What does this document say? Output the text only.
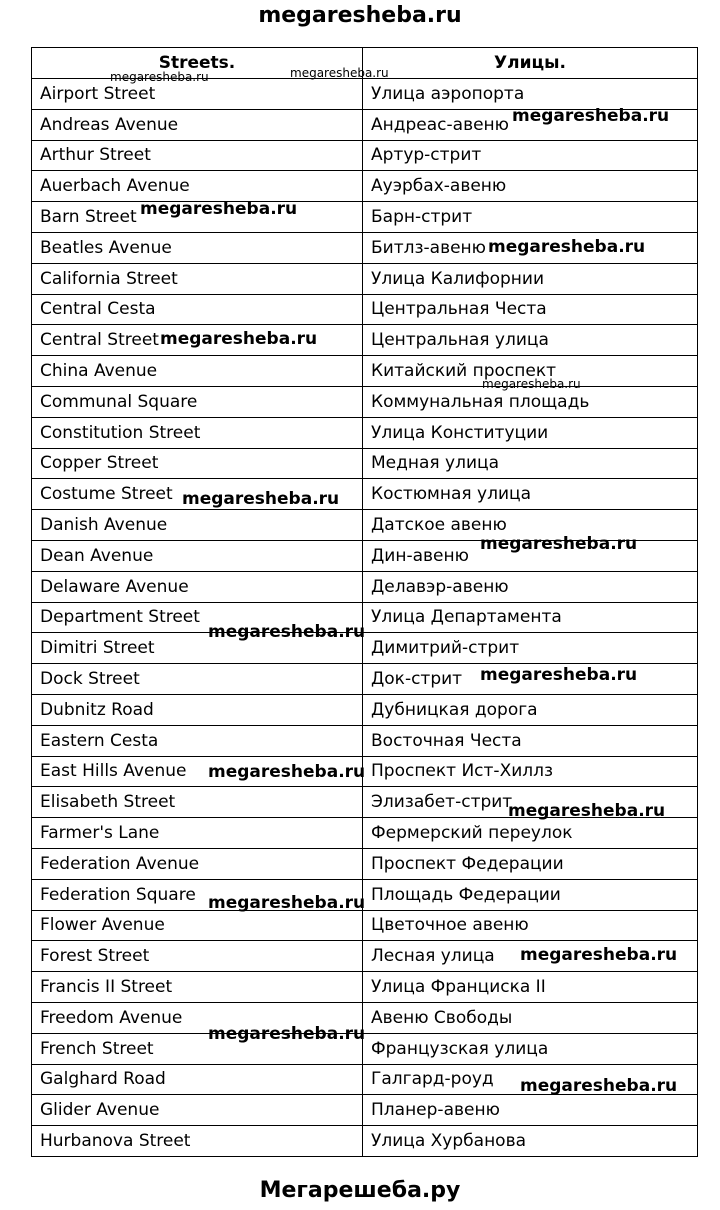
megaresheba.ru
Streets.	Улицы.
Airport Street	Улица аэропорта
Andreas Avenue	Андреас-авеню
Arthur Street	Артур-стрит
Auerbach Avenue	Ауэрбах-авеню
Barn Street	Барн-стрит
Beatles Avenue	Битлз-авеню
California Street	Улица Калифорнии
Central Cesta	Центральная Честа
Central Street	Центральная улица
China Avenue	Китайский проспект
Communal Square	Коммунальная площадь
Constitution Street	Улица Конституции
Copper Street	Медная улица
Costume Street	Костюмная улица
Danish Avenue	Датское авеню
Dean Avenue	Дин-авеню
Delaware Avenue	Делавэр-авеню
Department Street	Улица Департамента
Dimitri Street	Димитрий-стрит
Dock Street	Док-стрит
Dubnitz Road	Дубницкая дорога
Eastern Cesta	Восточная Честа
East Hills Avenue	Проспект Ист-Хиллз
Elisabeth Street	Элизабет-стрит
Farmer's Lane	Фермерский переулок
Federation Avenue	Проспект Федерации
Federation Square	Площадь Федерации
Flower Avenue	Цветочное авеню
Forest Street	Лесная улица
Francis II Street	Улица Франциска II
Freedom Avenue	Авеню Свободы
French Street	Французская улица
Galghard Road	Галгард-роуд
Glider Avenue	Планер-авеню
Hurbanova Street	Улица Хурбанова
megaresheba.ru	megaresheba.ru
megaresheba.ru
megaresheba.ru
megaresheba.ru
megaresheba.ru
megaresheba.ru
megaresheba.ru
megaresheba.ru
megaresheba.ru
megaresheba.ru
megaresheba.ru
megaresheba.ru
megaresheba.ru
megaresheba.ru
megaresheba.ru
megaresheba.ru
Мегарешеба.ру
